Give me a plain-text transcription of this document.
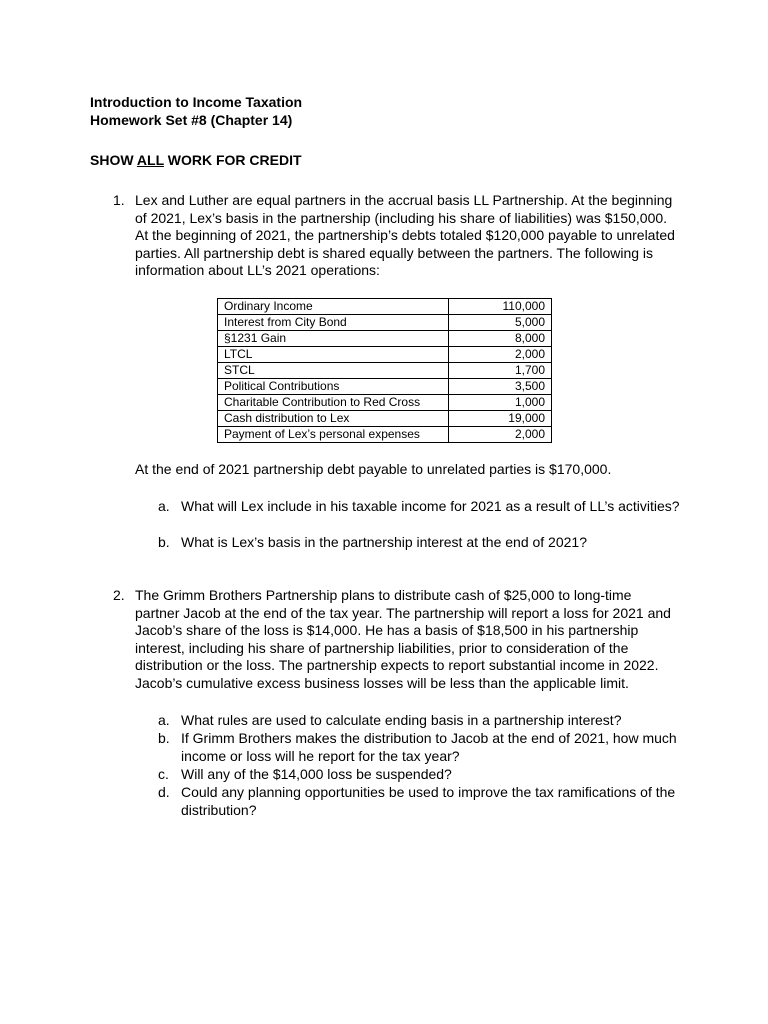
Introduction to Income Taxation
Homework Set #8 (Chapter 14)
SHOW ALL WORK FOR CREDIT
1. Lex and Luther are equal partners in the accrual basis LL Partnership. At the beginning of 2021, Lex’s basis in the partnership (including his share of liabilities) was $150,000. At the beginning of 2021, the partnership’s debts totaled $120,000 payable to unrelated parties. All partnership debt is shared equally between the partners. The following is information about LL’s 2021 operations:
Ordinary Income	110,000
Interest from City Bond	5,000
§1231 Gain	8,000
LTCL	2,000
STCL	1,700
Political Contributions	3,500
Charitable Contribution to Red Cross	1,000
Cash distribution to Lex	19,000
Payment of Lex’s personal expenses	2,000
At the end of 2021 partnership debt payable to unrelated parties is $170,000.
a. What will Lex include in his taxable income for 2021 as a result of LL’s activities?
b. What is Lex’s basis in the partnership interest at the end of 2021?
2. The Grimm Brothers Partnership plans to distribute cash of $25,000 to long-time partner Jacob at the end of the tax year. The partnership will report a loss for 2021 and Jacob’s share of the loss is $14,000. He has a basis of $18,500 in his partnership interest, including his share of partnership liabilities, prior to consideration of the distribution or the loss. The partnership expects to report substantial income in 2022. Jacob’s cumulative excess business losses will be less than the applicable limit.
a. What rules are used to calculate ending basis in a partnership interest?
b. If Grimm Brothers makes the distribution to Jacob at the end of 2021, how much income or loss will he report for the tax year?
c. Will any of the $14,000 loss be suspended?
d. Could any planning opportunities be used to improve the tax ramifications of the distribution?
